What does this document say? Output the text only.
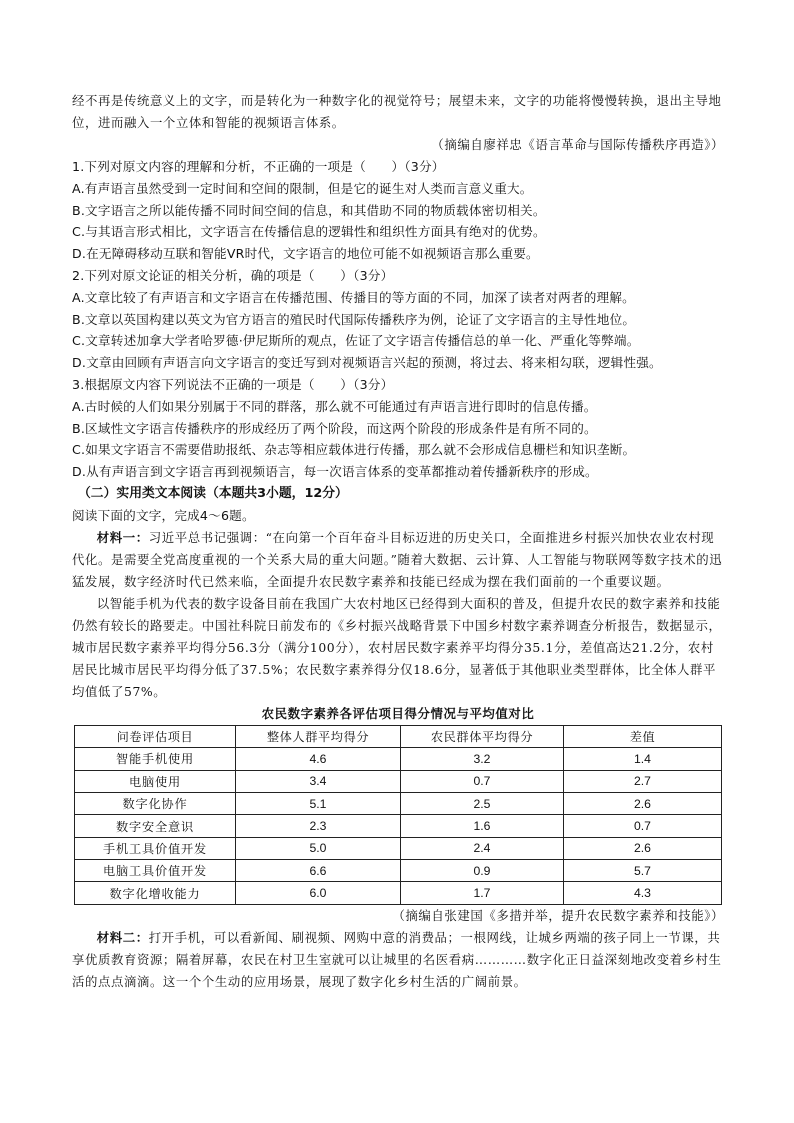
经不再是传统意义上的文字，而是转化为一种数字化的视觉符号；展望未来，文字的功能将慢慢转换，退出主导地位，进而融入一个立体和智能的视频语言体系。

（摘编自廖祥忠《语言革命与国际传播秩序再造》）

1.下列对原文内容的理解和分析，不正确的一项是（　　）（3分）

A.有声语言虽然受到一定时间和空间的限制，但是它的诞生对人类而言意义重大。

B.文字语言之所以能传播不同时间空间的信息，和其借助不同的物质载体密切相关。

C.与其语言形式相比，文字语言在传播信息的逻辑性和组织性方面具有绝对的优势。

D.在无障碍移动互联和智能VR时代，文字语言的地位可能不如视频语言那么重要。

2.下列对原文论证的相关分析，确的项是（　　）（3分）

A.文章比较了有声语言和文字语言在传播范围、传播目的等方面的不同，加深了读者对两者的理解。

B.文章以英国构建以英文为官方语言的殖民时代国际传播秩序为例，论证了文字语言的主导性地位。

C.文章转述加拿大学者哈罗德·伊尼斯所的观点，佐证了文字语言传播信总的单一化、严重化等弊端。

D.文章由回顾有声语言向文字语言的变迁写到对视频语言兴起的预测，将过去、将来相勾联，逻辑性强。

3.根据原文内容下列说法不正确的一项是（　　）（3分）

A.古时候的人们如果分别属于不同的群落，那么就不可能通过有声语言进行即时的信息传播。

B.区域性文字语言传播秩序的形成经历了两个阶段，而这两个阶段的形成条件是有所不同的。

C.如果文字语言不需要借助报纸、杂志等相应载体进行传播，那么就不会形成信息栅栏和知识垄断。

D.从有声语言到文字语言再到视频语言，每一次语言体系的变革都推动着传播新秩序的形成。

（二）实用类文本阅读（本题共3小题，12分）

阅读下面的文字，完成4～6题。

材料一：习近平总书记强调：“在向第一个百年奋斗目标迈进的历史关口，全面推进乡村振兴加快农业农村现代化。是需要全党高度重视的一个关系大局的重大问题。”随着大数据、云计算、人工智能与物联网等数字技术的迅猛发展，数字经济时代已然来临，全面提升农民数字素养和技能已经成为摆在我们面前的一个重要议题。

以智能手机为代表的数字设备目前在我国广大农村地区已经得到大面积的普及，但提升农民的数字素养和技能仍然有较长的路要走。中国社科院日前发布的《乡村振兴战略背景下中国乡村数字素养调查分析报告，数据显示，城市居民数字素养平均得分56.3分（满分100分），农村居民数字素养平均得分35.1分，差值高达21.2分，农村居民比城市居民平均得分低了37.5%；农民数字素养得分仅18.6分，显著低于其他职业类型群体，比全体人群平均值低了57%。

农民数字素养各评估项目得分情况与平均值对比

问卷评估项目	整体人群平均得分	农民群体平均得分	差值
智能手机使用	4.6	3.2	1.4
电脑使用	3.4	0.7	2.7
数字化协作	5.1	2.5	2.6
数字安全意识	2.3	1.6	0.7
手机工具价值开发	5.0	2.4	2.6
电脑工具价值开发	6.6	0.9	5.7
数字化增收能力	6.0	1.7	4.3

（摘编自张建国《多措并举，提升农民数字素养和技能》）

材料二：打开手机，可以看新闻、刷视频、网购中意的消费品；一根网线，让城乡两端的孩子同上一节课，共享优质教育资源；隔着屏幕，农民在村卫生室就可以让城里的名医看病…………数字化正日益深刻地改变着乡村生活的点点滴滴。这一个个生动的应用场景，展现了数字化乡村生活的广阔前景。
